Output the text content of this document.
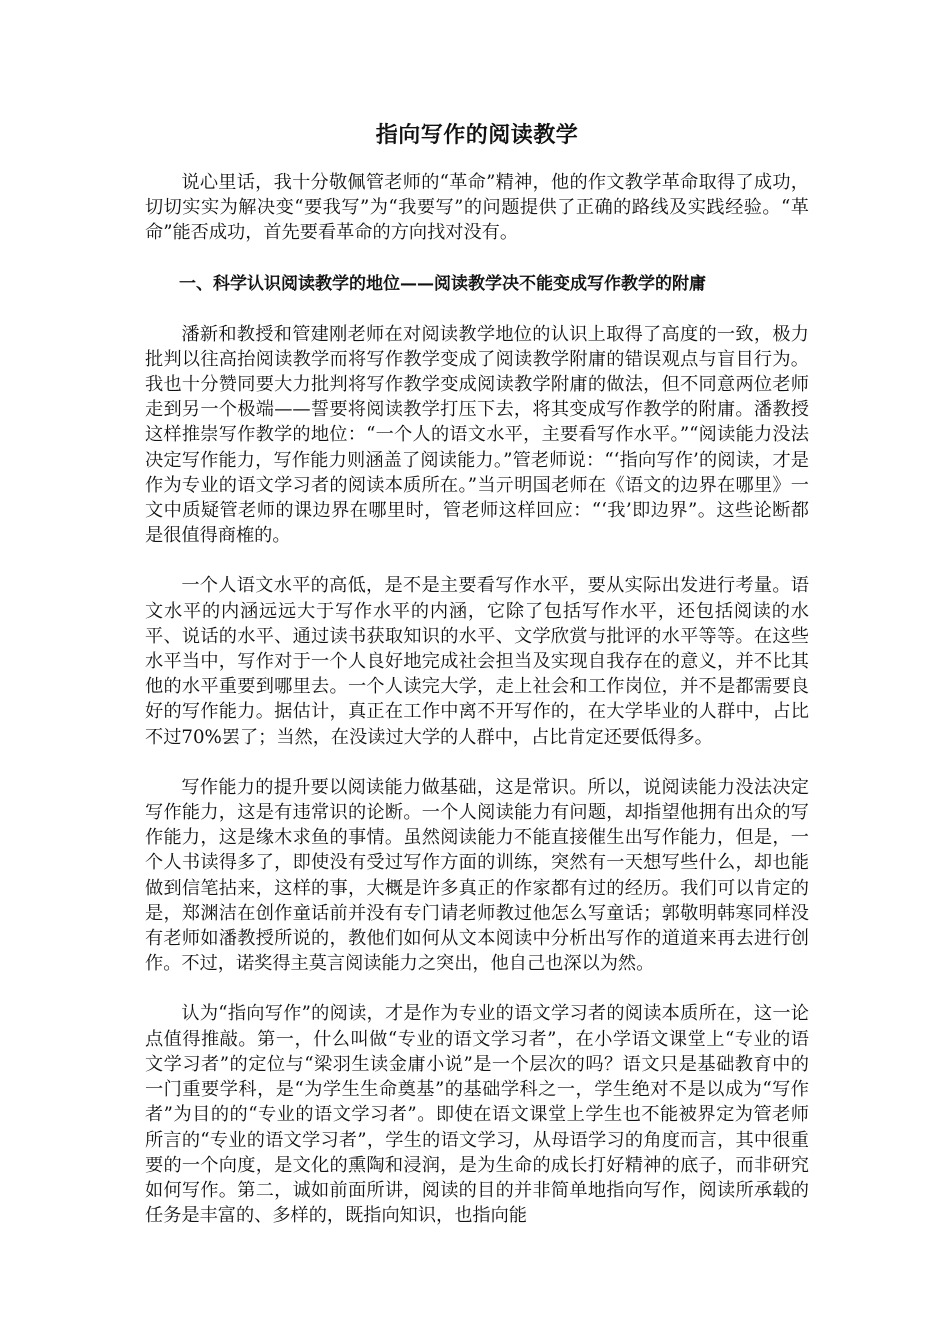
指向写作的阅读教学

说心里话，我十分敬佩管老师的“革命”精神，他的作文教学革命取得了成功，切切实实为解决变“要我写”为“我要写”的问题提供了正确的路线及实践经验。“革命”能否成功，首先要看革命的方向找对没有。

一、科学认识阅读教学的地位——阅读教学决不能变成写作教学的附庸

潘新和教授和管建刚老师在对阅读教学地位的认识上取得了高度的一致，极力批判以往高抬阅读教学而将写作教学变成了阅读教学附庸的错误观点与盲目行为。我也十分赞同要大力批判将写作教学变成阅读教学附庸的做法，但不同意两位老师走到另一个极端——誓要将阅读教学打压下去，将其变成写作教学的附庸。潘教授这样推崇写作教学的地位：“一个人的语文水平，主要看写作水平。”“阅读能力没法决定写作能力，写作能力则涵盖了阅读能力。”管老师说：“‘指向写作’的阅读，才是作为专业的语文学习者的阅读本质所在。”当亓明国老师在《语文的边界在哪里》一文中质疑管老师的课边界在哪里时，管老师这样回应：“‘我’即边界”。这些论断都是很值得商榷的。

一个人语文水平的高低，是不是主要看写作水平，要从实际出发进行考量。语文水平的内涵远远大于写作水平的内涵，它除了包括写作水平，还包括阅读的水平、说话的水平、通过读书获取知识的水平、文学欣赏与批评的水平等等。在这些水平当中，写作对于一个人良好地完成社会担当及实现自我存在的意义，并不比其他的水平重要到哪里去。一个人读完大学，走上社会和工作岗位，并不是都需要良好的写作能力。据估计，真正在工作中离不开写作的，在大学毕业的人群中，占比不过70%罢了；当然，在没读过大学的人群中，占比肯定还要低得多。

写作能力的提升要以阅读能力做基础，这是常识。所以，说阅读能力没法决定写作能力，这是有违常识的论断。一个人阅读能力有问题，却指望他拥有出众的写作能力，这是缘木求鱼的事情。虽然阅读能力不能直接催生出写作能力，但是，一个人书读得多了，即使没有受过写作方面的训练，突然有一天想写些什么，却也能做到信笔拈来，这样的事，大概是许多真正的作家都有过的经历。我们可以肯定的是，郑渊洁在创作童话前并没有专门请老师教过他怎么写童话；郭敬明韩寒同样没有老师如潘教授所说的，教他们如何从文本阅读中分析出写作的道道来再去进行创作。不过，诺奖得主莫言阅读能力之突出，他自己也深以为然。

认为“指向写作”的阅读，才是作为专业的语文学习者的阅读本质所在，这一论点值得推敲。第一，什么叫做“专业的语文学习者”，在小学语文课堂上“专业的语文学习者”的定位与“梁羽生读金庸小说”是一个层次的吗？语文只是基础教育中的一门重要学科，是“为学生生命奠基”的基础学科之一，学生绝对不是以成为“写作者”为目的的“专业的语文学习者”。即使在语文课堂上学生也不能被界定为管老师所言的“专业的语文学习者”，学生的语文学习，从母语学习的角度而言，其中很重要的一个向度，是文化的熏陶和浸润，是为生命的成长打好精神的底子，而非研究如何写作。第二，诚如前面所讲，阅读的目的并非简单地指向写作，阅读所承载的任务是丰富的、多样的，既指向知识，也指向能
